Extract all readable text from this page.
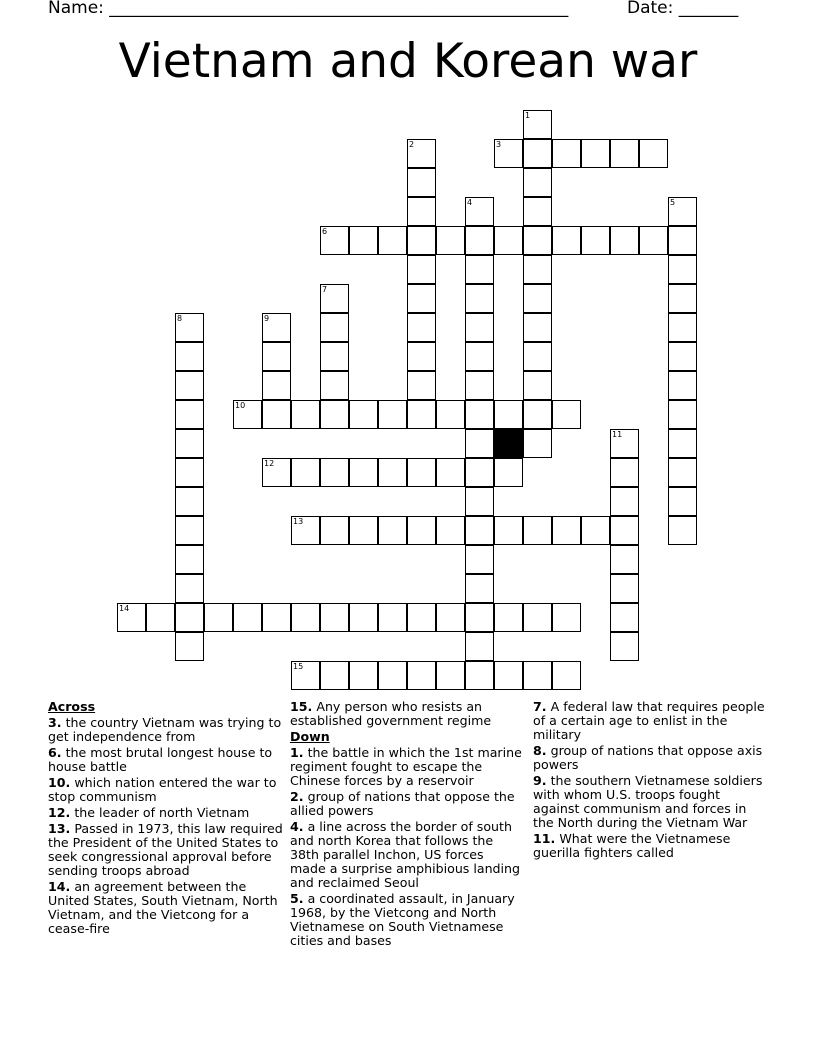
Name: ______________________________________________________	Date: _______
Vietnam and Korean war
1
2	3
4	5
6
7
8	9
10
11
12
13
14
15
Across
3. the country Vietnam was trying to get independence from
6. the most brutal longest house to house battle
10. which nation entered the war to stop communism
12. the leader of north Vietnam
13. Passed in 1973, this law required the President of the United States to seek congressional approval before sending troops abroad
14. an agreement between the United States, South Vietnam, North Vietnam, and the Vietcong for a cease-fire
15. Any person who resists an established government regime
Down
1. the battle in which the 1st marine regiment fought to escape the Chinese forces by a reservoir
2. group of nations that oppose the allied powers
4. a line across the border of south and north Korea that follows the 38th parallel Inchon, US forces made a surprise amphibious landing and reclaimed Seoul
5. a coordinated assault, in January 1968, by the Vietcong and North Vietnamese on South Vietnamese cities and bases
7. A federal law that requires people of a certain age to enlist in the military
8. group of nations that oppose axis powers
9. the southern Vietnamese soldiers with whom U.S. troops fought against communism and forces in the North during the Vietnam War
11. What were the Vietnamese guerilla fighters called
